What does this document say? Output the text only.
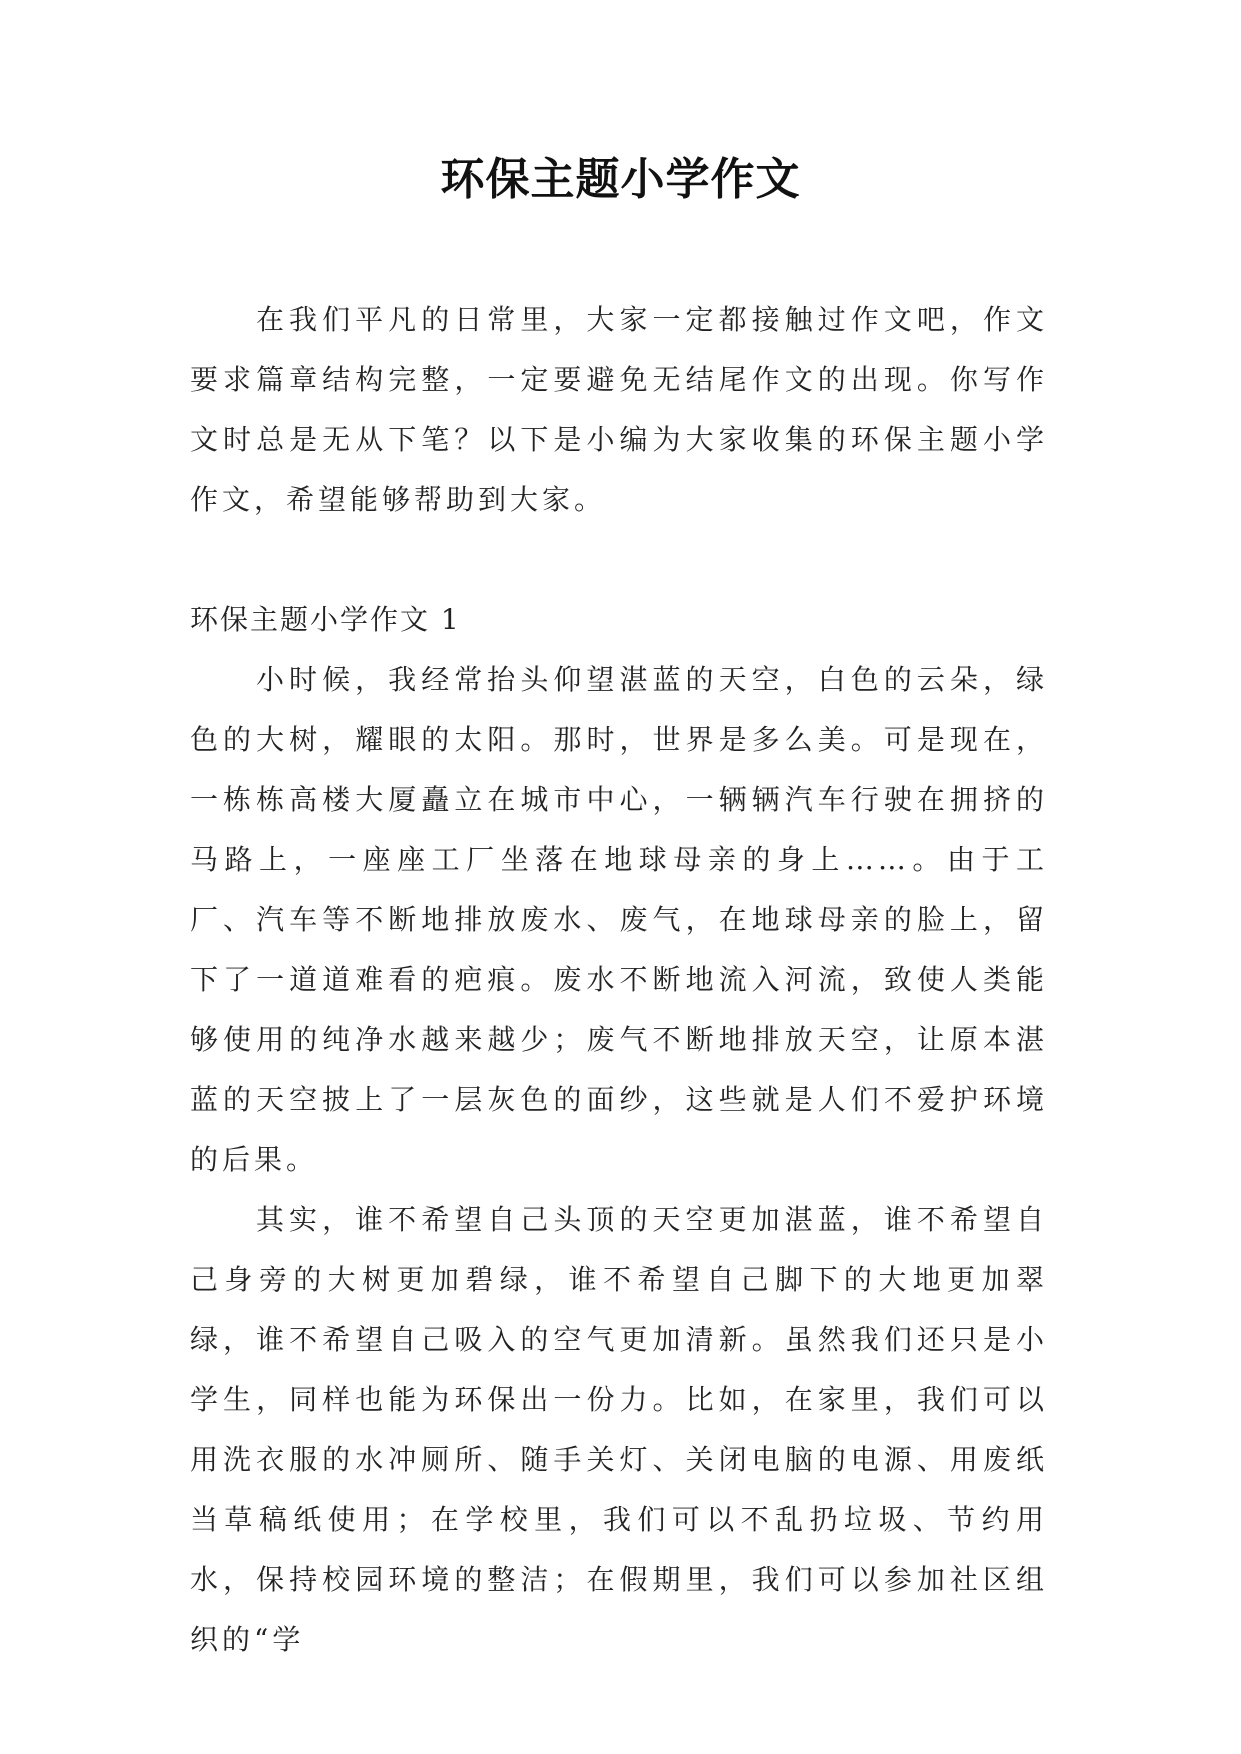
环保主题小学作文

在我们平凡的日常里，大家一定都接触过作文吧，作文要求篇章结构完整，一定要避免无结尾作文的出现。你写作文时总是无从下笔？以下是小编为大家收集的环保主题小学作文，希望能够帮助到大家。

环保主题小学作文 1

小时候，我经常抬头仰望湛蓝的天空，白色的云朵，绿色的大树，耀眼的太阳。那时，世界是多么美。可是现在，一栋栋高楼大厦矗立在城市中心，一辆辆汽车行驶在拥挤的马路上，一座座工厂坐落在地球母亲的身上……。由于工厂、汽车等不断地排放废水、废气，在地球母亲的脸上，留下了一道道难看的疤痕。废水不断地流入河流，致使人类能够使用的纯净水越来越少；废气不断地排放天空，让原本湛蓝的天空披上了一层灰色的面纱，这些就是人们不爱护环境的后果。

其实，谁不希望自己头顶的天空更加湛蓝，谁不希望自己身旁的大树更加碧绿，谁不希望自己脚下的大地更加翠绿，谁不希望自己吸入的空气更加清新。虽然我们还只是小学生，同样也能为环保出一份力。比如，在家里，我们可以用洗衣服的水冲厕所、随手关灯、关闭电脑的电源、用废纸当草稿纸使用；在学校里，我们可以不乱扔垃圾、节约用水，保持校园环境的整洁；在假期里，我们可以参加社区组织的“学
